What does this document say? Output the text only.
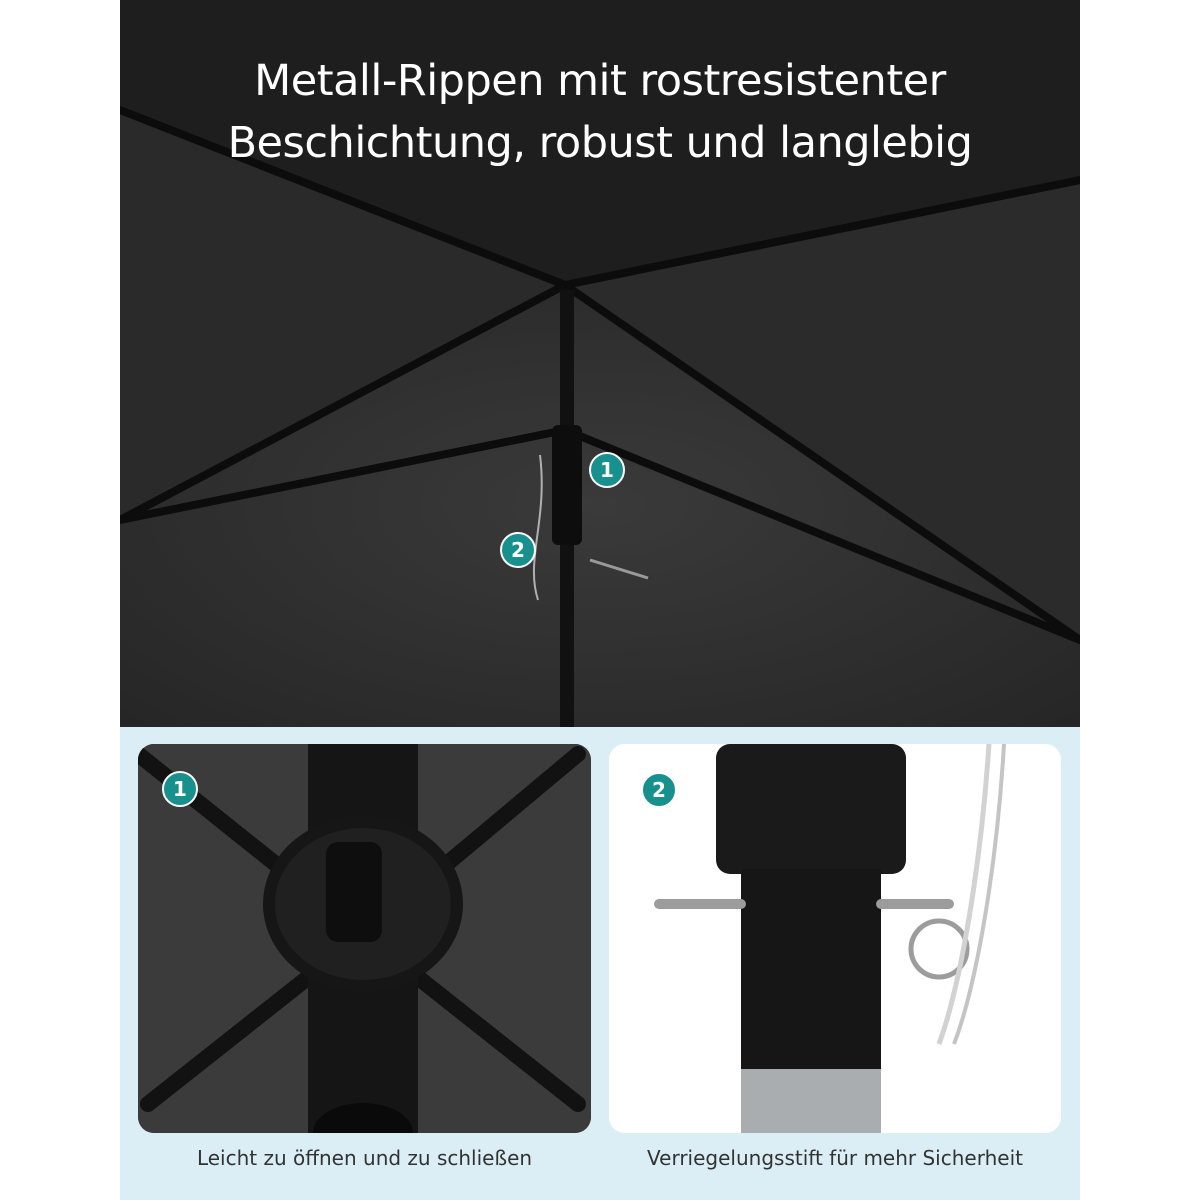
Metall-Rippen mit rostresistenter
Beschichtung, robust und langlebig
1
2
1	2
Leicht zu öffnen und zu schließen	Verriegelungsstift für mehr Sicherheit
